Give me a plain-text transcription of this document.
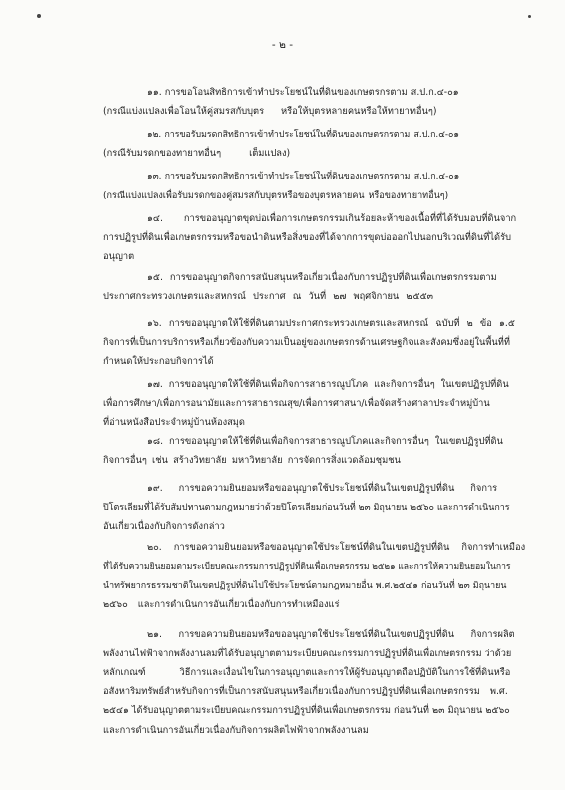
- ๒ -
๑๑. การขอโอนสิทธิการเข้าทำประโยชน์ในที่ดินของเกษตรกรตาม ส.ป.ก.๔-๐๑
(กรณีแบ่งแปลงเพื่อโอนให้คู่สมรสกับบุตร หรือให้บุตรหลายคนหรือให้ทายาทอื่นๆ)
๑๒. การขอรับมรดกสิทธิการเข้าทำประโยชน์ในที่ดินของเกษตรกรตาม ส.ป.ก.๔-๐๑
(กรณีรับมรดกของทายาทอื่นๆ เต็มแปลง)
๑๓. การขอรับมรดกสิทธิการเข้าทำประโยชน์ในที่ดินของเกษตรกรตาม ส.ป.ก.๔-๐๑
(กรณีแบ่งแปลงเพื่อรับมรดกของคู่สมรสกับบุตรหรือของบุตรหลายคน หรือของทายาทอื่นๆ)
๑๔. การขออนุญาตขุดบ่อเพื่อการเกษตรกรรมเกินร้อยละห้าของเนื้อที่ที่ได้รับมอบที่ดินจาก
การปฏิรูปที่ดินเพื่อเกษตรกรรมหรือขอนำดินหรือสิ่งของที่ได้จากการขุดบ่อออกไปนอกบริเวณที่ดินที่ได้รับ
อนุญาต
๑๕. การขออนุญาตกิจการสนับสนุนหรือเกี่ยวเนื่องกับการปฏิรูปที่ดินเพื่อเกษตรกรรมตาม
ประกาศกระทรวงเกษตรและสหกรณ์ ประกาศ ณ วันที่ ๒๗ พฤศจิกายน ๒๕๕๓
๑๖. การขออนุญาตให้ใช้ที่ดินตามประกาศกระทรวงเกษตรและสหกรณ์ ฉบับที่ ๒ ข้อ ๑.๕
กิจการที่เป็นการบริการหรือเกี่ยวข้องกับความเป็นอยู่ของเกษตรกรด้านเศรษฐกิจและสังคมซึ่งอยู่ในพื้นที่ที่
กำหนดให้ประกอบกิจการได้
๑๗. การขออนุญาตให้ใช้ที่ดินเพื่อกิจการสาธารณูปโภค และกิจการอื่นๆ ในเขตปฏิรูปที่ดิน
เพื่อการศึกษา/เพื่อการอนามัยและการสาธารณสุข/เพื่อการศาสนา/เพื่อจัดสร้างศาลาประจำหมู่บ้าน
ที่อ่านหนังสือประจำหมู่บ้านห้องสมุด
๑๘. การขออนุญาตให้ใช้ที่ดินเพื่อกิจการสาธารณูปโภคและกิจการอื่นๆ ในเขตปฏิรูปที่ดิน
กิจการอื่นๆ เช่น สร้างวิทยาลัย มหาวิทยาลัย การจัดการสิ่งแวดล้อมชุมชน
๑๙. การขอความยินยอมหรือขออนุญาตใช้ประโยชน์ที่ดินในเขตปฏิรูปที่ดิน กิจการ
ปิโตรเลียมที่ได้รับสัมปทานตามกฎหมายว่าด้วยปิโตรเลียมก่อนวันที่ ๒๓ มิถุนายน ๒๕๖๐ และการดำเนินการ
อันเกี่ยวเนื่องกับกิจการดังกล่าว
๒๐. การขอความยินยอมหรือขออนุญาตใช้ประโยชน์ที่ดินในเขตปฏิรูปที่ดิน กิจการทำเหมือง
ที่ได้รับความยินยอมตามระเบียบคณะกรรมการปฏิรูปที่ดินเพื่อเกษตรกรรม ๒๕๒๑ และการให้ความยินยอมในการ
นำทรัพยากรธรรมชาติในเขตปฏิรูปที่ดินไปใช้ประโยชน์ตามกฎหมายอื่น พ.ศ.๒๕๔๑ ก่อนวันที่ ๒๓ มิถุนายน
๒๕๖๐ และการดำเนินการอันเกี่ยวเนื่องกับการทำเหมืองแร่
๒๑. การขอความยินยอมหรือขออนุญาตใช้ประโยชน์ที่ดินในเขตปฏิรูปที่ดิน กิจการผลิต
พลังงานไฟฟ้าจากพลังงานลมที่ได้รับอนุญาตตามระเบียบคณะกรรมการปฏิรูปที่ดินเพื่อเกษตรกรรม ว่าด้วย
หลักเกณฑ์ วิธีการและเงื่อนไขในการอนุญาตและการให้ผู้รับอนุญาตถือปฏิบัติในการใช้ที่ดินหรือ
อสังหาริมทรัพย์สำหรับกิจการที่เป็นการสนับสนุนหรือเกี่ยวเนื่องกับการปฏิรูปที่ดินเพื่อเกษตรกรรม พ.ศ.
๒๕๔๑ ได้รับอนุญาตตามระเบียบคณะกรรมการปฏิรูปที่ดินเพื่อเกษตรกรรม ก่อนวันที่ ๒๓ มิถุนายน ๒๕๖๐
และการดำเนินการอันเกี่ยวเนื่องกับกิจการผลิตไฟฟ้าจากพลังงานลม
